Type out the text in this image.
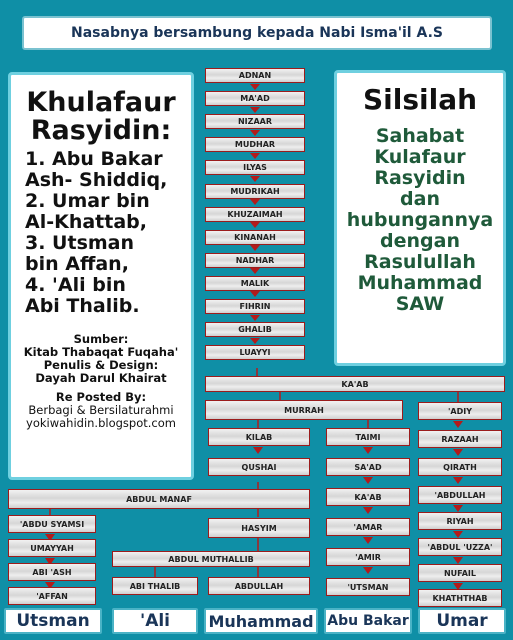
Nasabnya bersambung kepada Nabi Isma'il A.S
Khulafaur
Rasyidin:
1. Abu Bakar
Ash- Shiddiq,
2. Umar bin
Al-Khattab,
3. Utsman
bin Affan,
4. 'Ali bin
Abi Thalib.
Sumber:
Kitab Thabaqat Fuqaha'
Penulis & Design:
Dayah Darul Khairat
Re Posted By:
Berbagi & Bersilaturahmi
yokiwahidin.blogspot.com
Silsilah
Sahabat
Kulafaur
Rasyidin
dan
hubungannya
dengan
Rasulullah
Muhammad
SAW
ADNAN
MA'AD
NIZAAR
MUDHAR
ILYAS
MUDRIKAH
KHUZAIMAH
KINANAH
NADHAR
MALIK
FIHRIN
GHALIB
LUAYYI
KA'AB
MURRAH	'ADIY
KILAB
QUSHAI
TAIMI
SA'AD
KA'AB
'AMAR
'AMIR
'UTSMAN
ABDUL MANAF
HASYIM
'ABDU SYAMSI
UMAYYAH
ABI 'ASH
'AFFAN
ABDUL MUTHALLIB
ABI THALIB	ABDULLAH
RAZAAH
QIRATH
'ABDULLAH
RIYAH
'ABDUL 'UZZA'
NUFAIL
KHATHTHAB
Utsman	'Ali	Muhammad Abu Bakar	Umar
